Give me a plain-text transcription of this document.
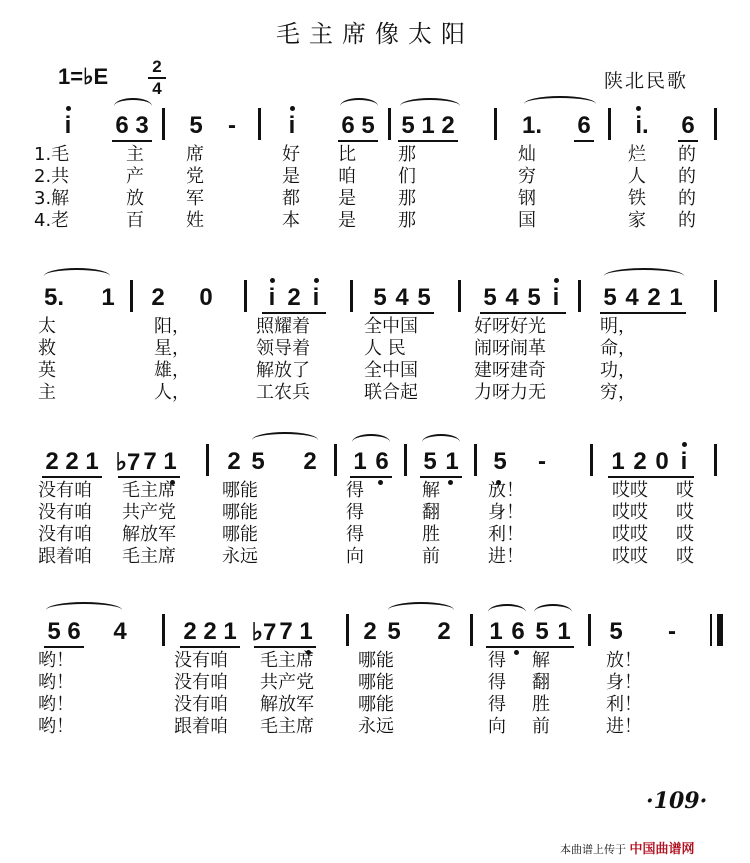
毛主席像太阳
1=♭E	2
4	陕北民歌
i 6 3 5 - i 6 5 5 1 2	1. 6	i.	6
1.毛	主 席	好 比 那	灿	烂 的
2.共	产 党	是 咱 们	穷	人 的
3.解	放 军	都 是 那	钢	铁 的
4.老	百 姓	本 是 那	国	家 的
5. 1 2 0 i 2 i 5 4 5 5 4 5 i 5 4 2 1
太	阳，	照耀着	全中国	好呀好光	明，
救	星，	领导着	人 民	闹呀闹革	命，
英	雄，	解放了	全中国	建呀建奇	功，
主	人，	工农兵	联合起	力呀力无	穷，
2 2 1 ♭7 7 1 2 5 2 1 6 5 1 5 -	1 2 0 i
没有咱 毛主席	哪能	得	解	放！	哎哎 哎
没有咱 共产党	哪能	得	翻	身！	哎哎 哎
没有咱 解放军	哪能	得	胜	利！	哎哎 哎
跟着咱 毛主席	永远	向	前	进！	哎哎 哎
5 6 4 2 2 1 ♭7 7 1 2 5 2 1 6 5 1 5 -
哟！	没有咱 毛主席 哪能	得 解	放！
哟！	没有咱 共产党 哪能	得 翻	身！
哟！	没有咱 解放军 哪能	得 胜	利！
哟！	跟着咱 毛主席 永远	向 前	进！
·109·
本曲谱上传于 中国曲谱网
